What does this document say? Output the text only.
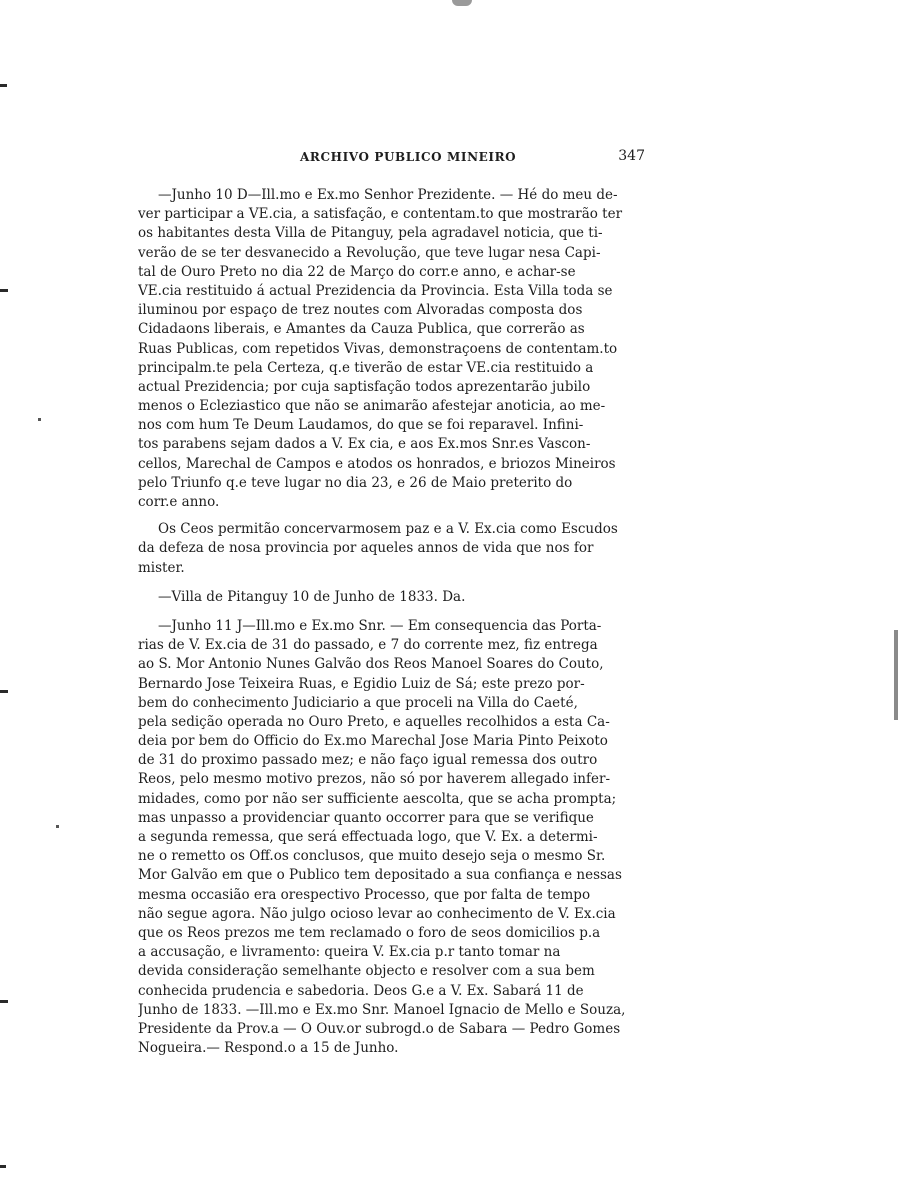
ARCHIVO PUBLICO MINEIRO	347
—Junho 10 D—Ill.mo e Ex.mo Senhor Prezidente. — Hé do meu de-
ver participar a VE.cia, a satisfação, e contentam.to que mostrarão ter
os habitantes desta Villa de Pitanguy, pela agradavel noticia, que ti-
verão de se ter desvanecido a Revolução, que teve lugar nesa Capi-
tal de Ouro Preto no dia 22 de Março do corr.e anno, e achar-se
VE.cia restituido á actual Prezidencia da Provincia. Esta Villa toda se
iluminou por espaço de trez noutes com Alvoradas composta dos
Cidadaons liberais, e Amantes da Cauza Publica, que correrão as
Ruas Publicas, com repetidos Vivas, demonstraçoens de contentam.to
principalm.te pela Certeza, q.e tiverão de estar VE.cia restituido a
actual Prezidencia; por cuja saptisfação todos aprezentarão jubilo
menos o Ecleziastico que não se animarão afestejar anoticia, ao me-
nos com hum Te Deum Laudamos, do que se foi reparavel. Infini-
tos parabens sejam dados a V. Ex cia, e aos Ex.mos Snr.es Vascon-
cellos, Marechal de Campos e atodos os honrados, e briozos Mineiros
pelo Triunfo q.e teve lugar no dia 23, e 26 de Maio preterito do
corr.e anno.
Os Ceos permitão concervarmosem paz e a V. Ex.cia como Escudos
da defeza de nosa provincia por aqueles annos de vida que nos for
mister.
—Villa de Pitanguy 10 de Junho de 1833. Da.
—Junho 11 J—Ill.mo e Ex.mo Snr. — Em consequencia das Porta-
rias de V. Ex.cia de 31 do passado, e 7 do corrente mez, fiz entrega
ao S. Mor Antonio Nunes Galvão dos Reos Manoel Soares do Couto,
Bernardo Jose Teixeira Ruas, e Egidio Luiz de Sá; este prezo por-
bem do conhecimento Judiciario a que proceli na Villa do Caeté,
pela sedição operada no Ouro Preto, e aquelles recolhidos a esta Ca-
deia por bem do Officio do Ex.mo Marechal Jose Maria Pinto Peixoto
de 31 do proximo passado mez; e não faço igual remessa dos outro
Reos, pelo mesmo motivo prezos, não só por haverem allegado infer-
midades, como por não ser sufficiente aescolta, que se acha prompta;
mas unpasso a providenciar quanto occorrer para que se verifique
a segunda remessa, que será effectuada logo, que V. Ex. a determi-
ne o remetto os Off.os conclusos, que muito desejo seja o mesmo Sr.
Mor Galvão em que o Publico tem depositado a sua confiança e nessas
mesma occasião era orespectivo Processo, que por falta de tempo
não segue agora. Não julgo ocioso levar ao conhecimento de V. Ex.cia
que os Reos prezos me tem reclamado o foro de seos domicilios p.a
a accusação, e livramento: queira V. Ex.cia p.r tanto tomar na
devida consideração semelhante objecto e resolver com a sua bem
conhecida prudencia e sabedoria. Deos G.e a V. Ex. Sabará 11 de
Junho de 1833. —Ill.mo e Ex.mo Snr. Manoel Ignacio de Mello e Souza,
Presidente da Prov.a — O Ouv.or subrogd.o de Sabara — Pedro Gomes
Nogueira.— Respond.o a 15 de Junho.
